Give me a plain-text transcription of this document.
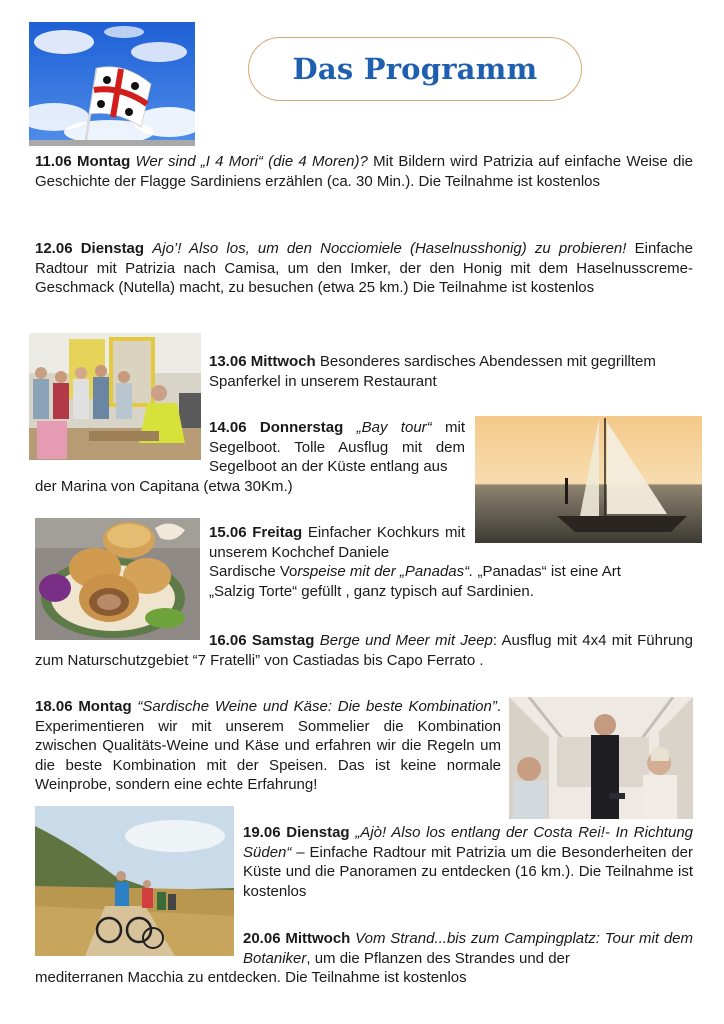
Das Programm

11.06 Montag Wer sind „I 4 Mori“ (die 4 Moren)? Mit Bildern wird Patrizia auf einfache Weise die Geschichte der Flagge Sardiniens erzählen (ca. 30 Min.). Die Teilnahme ist kostenlos

12.06 Dienstag Ajo’! Also los, um den Nocciomiele (Haselnusshonig) zu probieren! Einfache Radtour mit Patrizia nach Camisa, um den Imker, der den Honig mit dem Haselnusscreme-Geschmack (Nutella) macht, zu besuchen (etwa 25 km.) Die Teilnahme ist kostenlos

13.06 Mittwoch Besonderes sardisches Abendessen mit gegrilltem Spanferkel in unserem Restaurant

14.06 Donnerstag „Bay tour“ mit Segelboot. Tolle Ausflug mit dem Segelboot an der Küste entlang aus

der Marina von Capitana (etwa 30Km.)

15.06 Freitag Einfacher Kochkurs mit unserem Kochchef Daniele

Sardische Vorspeise mit der „Panadas“. „Panadas“ ist eine Art
„Salzig Torte“ gefüllt , ganz typisch auf Sardinien.

16.06 Samstag Berge und Meer mit Jeep: Ausflug mit 4x4 mit Führung zum Naturschutzgebiet “7 Fratelli” von Castiadas bis Capo Ferrato .

18.06 Montag “Sardische Weine und Käse: Die beste Kombination”. Experimentieren wir mit unserem Sommelier die Kombination zwischen Qualitäts-Weine und Käse und erfahren wir die Regeln um die beste Kombination mit der Speisen. Das ist keine normale Weinprobe, sondern eine echte Erfahrung!

19.06 Dienstag „Ajò! Also los entlang der Costa Rei!- In Richtung Süden“ – Einfache Radtour mit Patrizia um die Besonderheiten der Küste und die Panoramen zu entdecken (16 km.). Die Teilnahme ist kostenlos

20.06 Mittwoch Vom Strand...bis zum Campingplatz: Tour mit dem Botaniker, um die Pflanzen des Strandes und der

mediterranen Macchia zu entdecken. Die Teilnahme ist kostenlos
